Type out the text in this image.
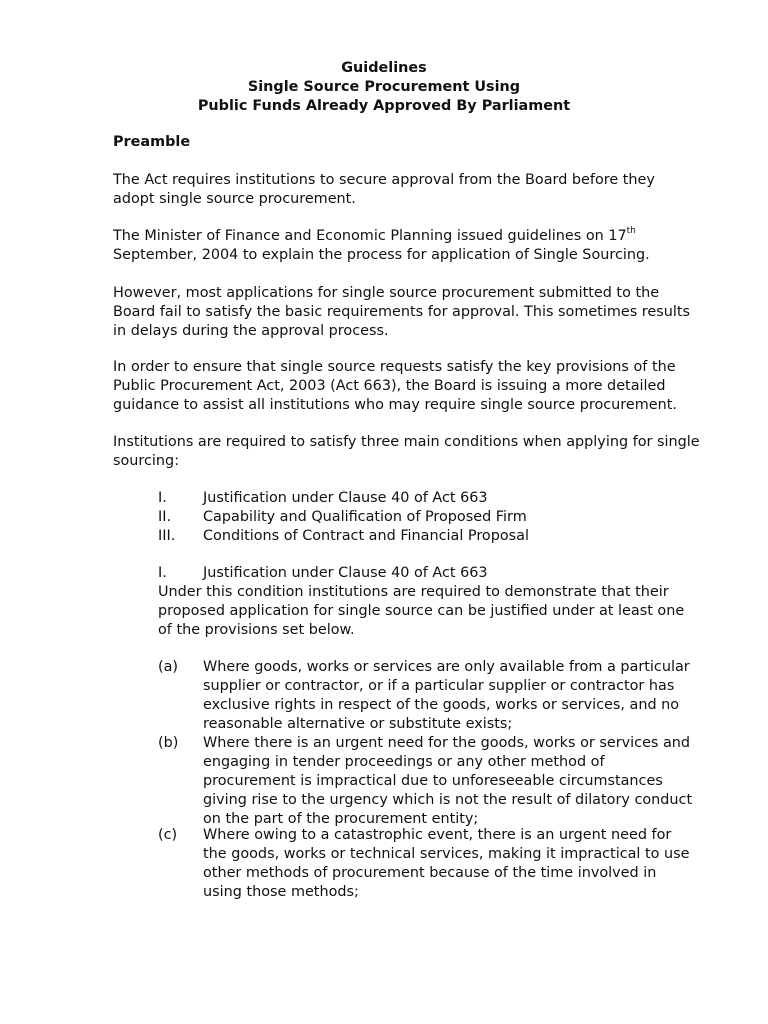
Guidelines
Single Source Procurement Using
Public Funds Already Approved By Parliament
Preamble
The Act requires institutions to secure approval from the Board before they
adopt single source procurement.
The Minister of Finance and Economic Planning issued guidelines on 17th
September, 2004 to explain the process for application of Single Sourcing.
However, most applications for single source procurement submitted to the
Board fail to satisfy the basic requirements for approval. This sometimes results
in delays during the approval process.
In order to ensure that single source requests satisfy the key provisions of the
Public Procurement Act, 2003 (Act 663), the Board is issuing a more detailed
guidance to assist all institutions who may require single source procurement.
Institutions are required to satisfy three main conditions when applying for single
sourcing:
I.	Justification under Clause 40 of Act 663
II. Capability and Qualification of Proposed Firm
III. Conditions of Contract and Financial Proposal
I.	Justification under Clause 40 of Act 663
Under this condition institutions are required to demonstrate that their
proposed application for single source can be justified under at least one
of the provisions set below.
(a) Where goods, works or services are only available from a particular
supplier or contractor, or if a particular supplier or contractor has
exclusive rights in respect of the goods, works or services, and no
reasonable alternative or substitute exists;
(b) Where there is an urgent need for the goods, works or services and
engaging in tender proceedings or any other method of
procurement is impractical due to unforeseeable circumstances
giving rise to the urgency which is not the result of dilatory conduct
on the part of the procurement entity;
(c) Where owing to a catastrophic event, there is an urgent need for
the goods, works or technical services, making it impractical to use
other methods of procurement because of the time involved in
using those methods;
